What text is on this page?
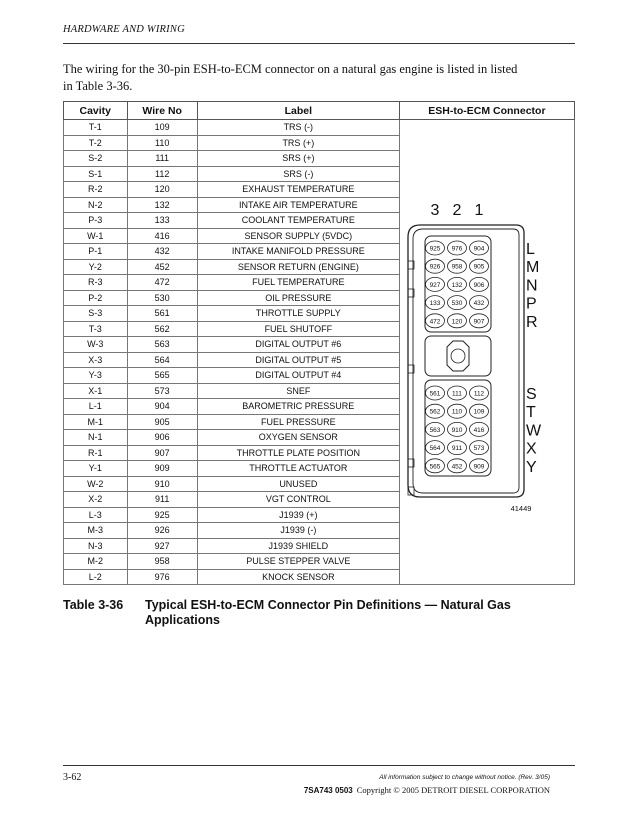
HARDWARE AND WIRING
The wiring for the 30-pin ESH-to-ECM connector on a natural gas engine is listed in listed in Table 3-36.
Cavity	Wire No	Label	ESH-to-ECM Connector
T-1	109	TRS (-)	
T-2	110	TRS (+)	
S-2	111	SRS (+)	
S-1	112	SRS (-)	
R-2	120	EXHAUST TEMPERATURE	
N-2	132	INTAKE AIR TEMPERATURE	
P-3	133	COOLANT TEMPERATURE	
W-1	416	SENSOR SUPPLY (5VDC)	
P-1	432	INTAKE MANIFOLD PRESSURE	
Y-2	452	SENSOR RETURN (ENGINE)	
R-3	472	FUEL TEMPERATURE	
P-2	530	OIL PRESSURE	
S-3	561	THROTTLE SUPPLY	
T-3	562	FUEL SHUTOFF	
W-3	563	DIGITAL OUTPUT #6	
X-3	564	DIGITAL OUTPUT #5	
Y-3	565	DIGITAL OUTPUT #4	
X-1	573	SNEF	
L-1	904	BAROMETRIC PRESSURE	
M-1	905	FUEL PRESSURE	
N-1	906	OXYGEN SENSOR	
R-1	907	THROTTLE PLATE POSITION	
Y-1	909	THROTTLE ACTUATOR	
W-2	910	UNUSED	
X-2	911	VGT CONTROL	
L-3	925	J1939 (+)	
M-3	926	J1939 (-)	
N-3	927	J1939 SHIELD	
M-2	958	PULSE STEPPER VALVE	
L-2	976	KNOCK SENSOR	
3 2 1
925 976 904	L
926 958 905	M
927 132 906	N
133 530 432	P
472 120 907	R
561 111 112	S
562 110 109	T
563 910 416	W
564 911 573	X
565 452 909	Y
41449
Table 3-36 Typical ESH-to-ECM Connector Pin Definitions — Natural Gas Applications
3-62	All information subject to change without notice. (Rev. 3/05)
7SA743 0503 Copyright © 2005 DETROIT DIESEL CORPORATION
